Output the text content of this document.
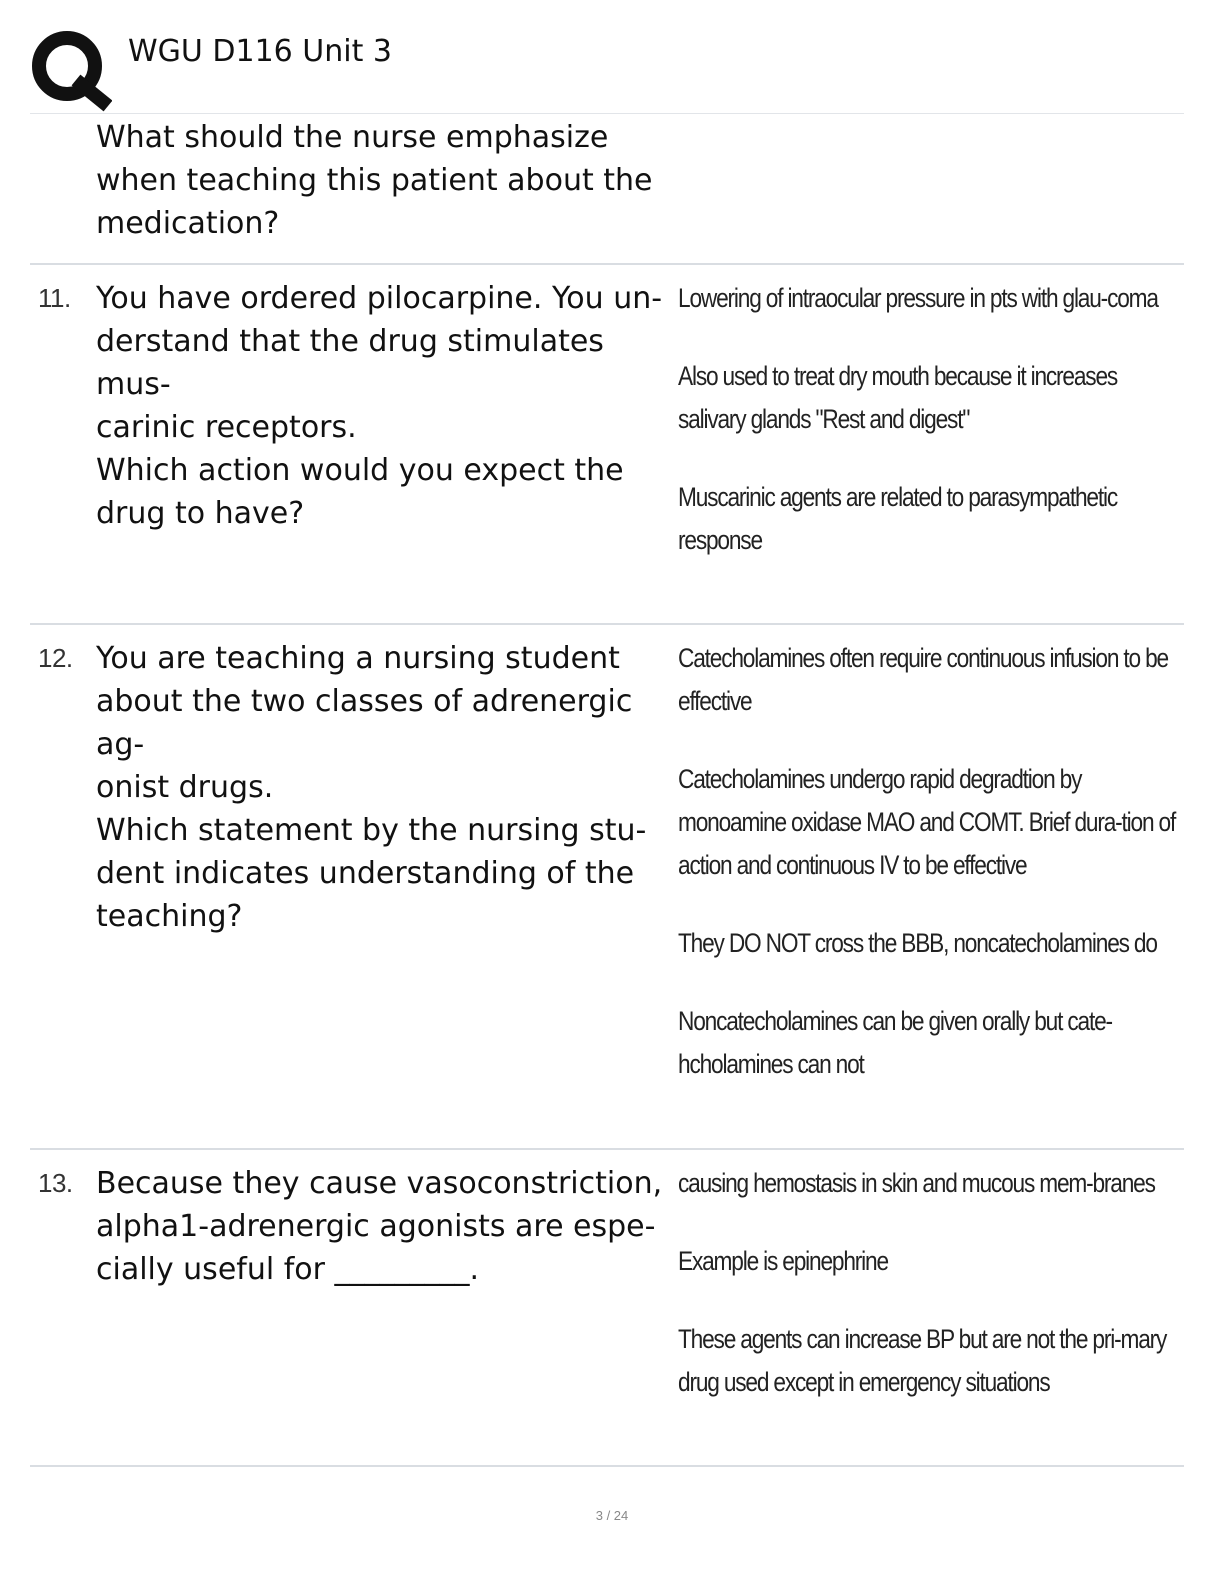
WGU D116 Unit 3
What should the nurse emphasize when teaching this patient about the medication?
11. You have ordered pilocarpine. You un-
derstand that the drug stimulates mus-
carinic receptors.
Which action would you expect the
drug to have?
Lowering of intraocular pressure in pts with glau-coma
Also used to treat dry mouth because it increases salivary glands "Rest and digest"
Muscarinic agents are related to parasympathetic response
12. You are teaching a nursing student
about the two classes of adrenergic ag-
onist drugs.
Which statement by the nursing stu-
dent indicates understanding of the
teaching?
Catecholamines often require continuous infusion to be effective
Catecholamines undergo rapid degradtion by monoamine oxidase MAO and COMT. Brief dura-tion of action and continuous IV to be effective
They DO NOT cross the BBB, noncatecholamines do
Noncatecholamines can be given orally but cate-hcholamines can not
13. Because they cause vasoconstriction,
alpha1-adrenergic agonists are espe-
cially useful for _________.
causing hemostasis in skin and mucous mem-branes
Example is epinephrine
These agents can increase BP but are not the pri-mary drug used except in emergency situations
3 / 24
